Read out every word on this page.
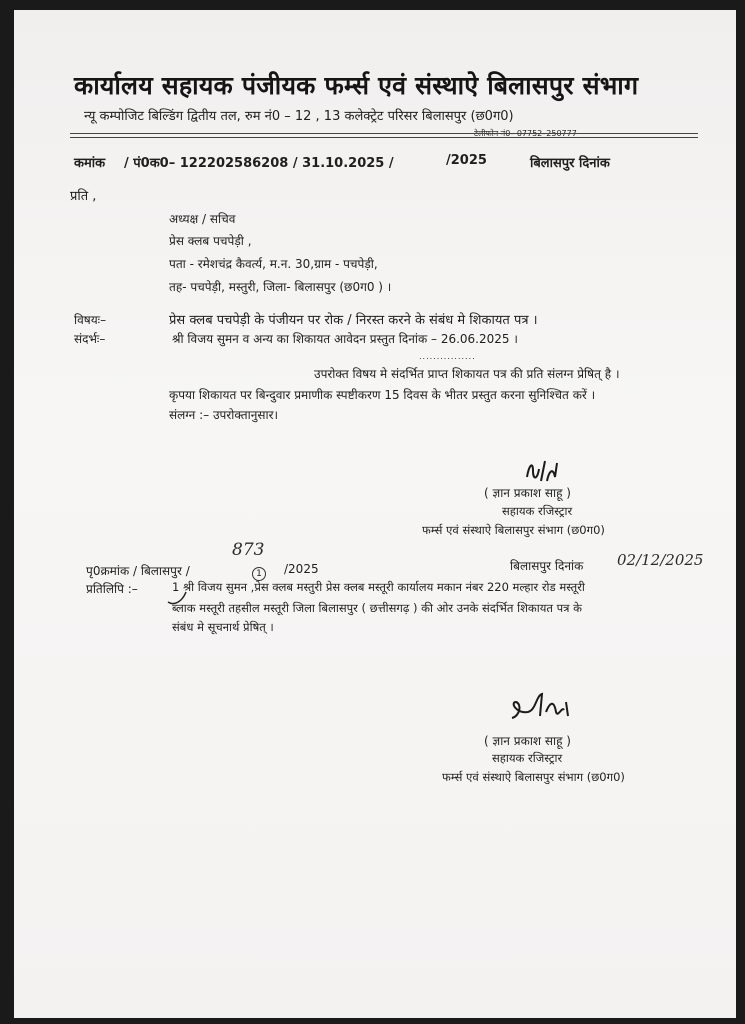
कार्यालय सहायक पंजीयक फर्म्स एवं संस्थाऐ बिलासपुर संभाग
न्यू कम्पोजिट बिल्डिंग द्वितीय तल, रुम नं0 – 12 , 13 कलेक्ट्रेट परिसर बिलासपुर (छ0ग0)
टेलीफोन नं0– 07752–250777
कमांक / पं0क0– 122202586208 / 31.10.2025 /	/2025	बिलासपुर दिनांक
प्रति ,
अध्यक्ष / सचिव
प्रेस क्लब पचपेड़ी ,
पता - रमेशचंद्र कैवर्त्य, म.न. 30,ग्राम - पचपेड़ी,
तह- पचपेड़ी, मस्तुरी, जिला- बिलासपुर (छ0ग0 ) ।
विषयः–	प्रेस क्लब पचपेड़ी के पंजीयन पर रोक / निरस्त करने के संबंध मे शिकायत पत्र ।
संदर्भः–	श्री विजय सुमन व अन्य का शिकायत आवेदन प्रस्तुत दिनांक – 26.06.2025 ।
................
उपरोक्त विषय मे संदर्भित प्राप्त शिकायत पत्र की प्रति संलग्न प्रेषित् है ।
कृपया शिकायत पर बिन्दुवार प्रमाणीक स्पष्टीकरण 15 दिवस के भीतर प्रस्तुत करना सुनिश्चित करें ।
संलग्न :– उपरोक्तानुसार।
( ज्ञान प्रकाश साहू )
सहायक रजिस्ट्रार
फर्म्स एवं संस्थाऐ बिलासपुर संभाग (छ0ग0)
पृ0क्रमांक / बिलासपुर /
873
1	/2025	बिलासपुर दिनांक 02/12/2025
प्रतिलिपि :–	1 श्री विजय सुमन ,प्रेस क्लब मस्तुरी प्रेस क्लब मस्तूरी कार्यालय मकान नंबर 220 मल्हार रोड मस्तूरी
ब्लाक मस्तूरी तहसील मस्तूरी जिला बिलासपुर ( छत्तीसगढ़ ) की ओर उनके संदर्भित शिकायत पत्र के
संबंध मे सूचनार्थ प्रेषित् ।
( ज्ञान प्रकाश साहू )
सहायक रजिस्ट्रार
फर्म्स एवं संस्थाऐ बिलासपुर संभाग (छ0ग0)
